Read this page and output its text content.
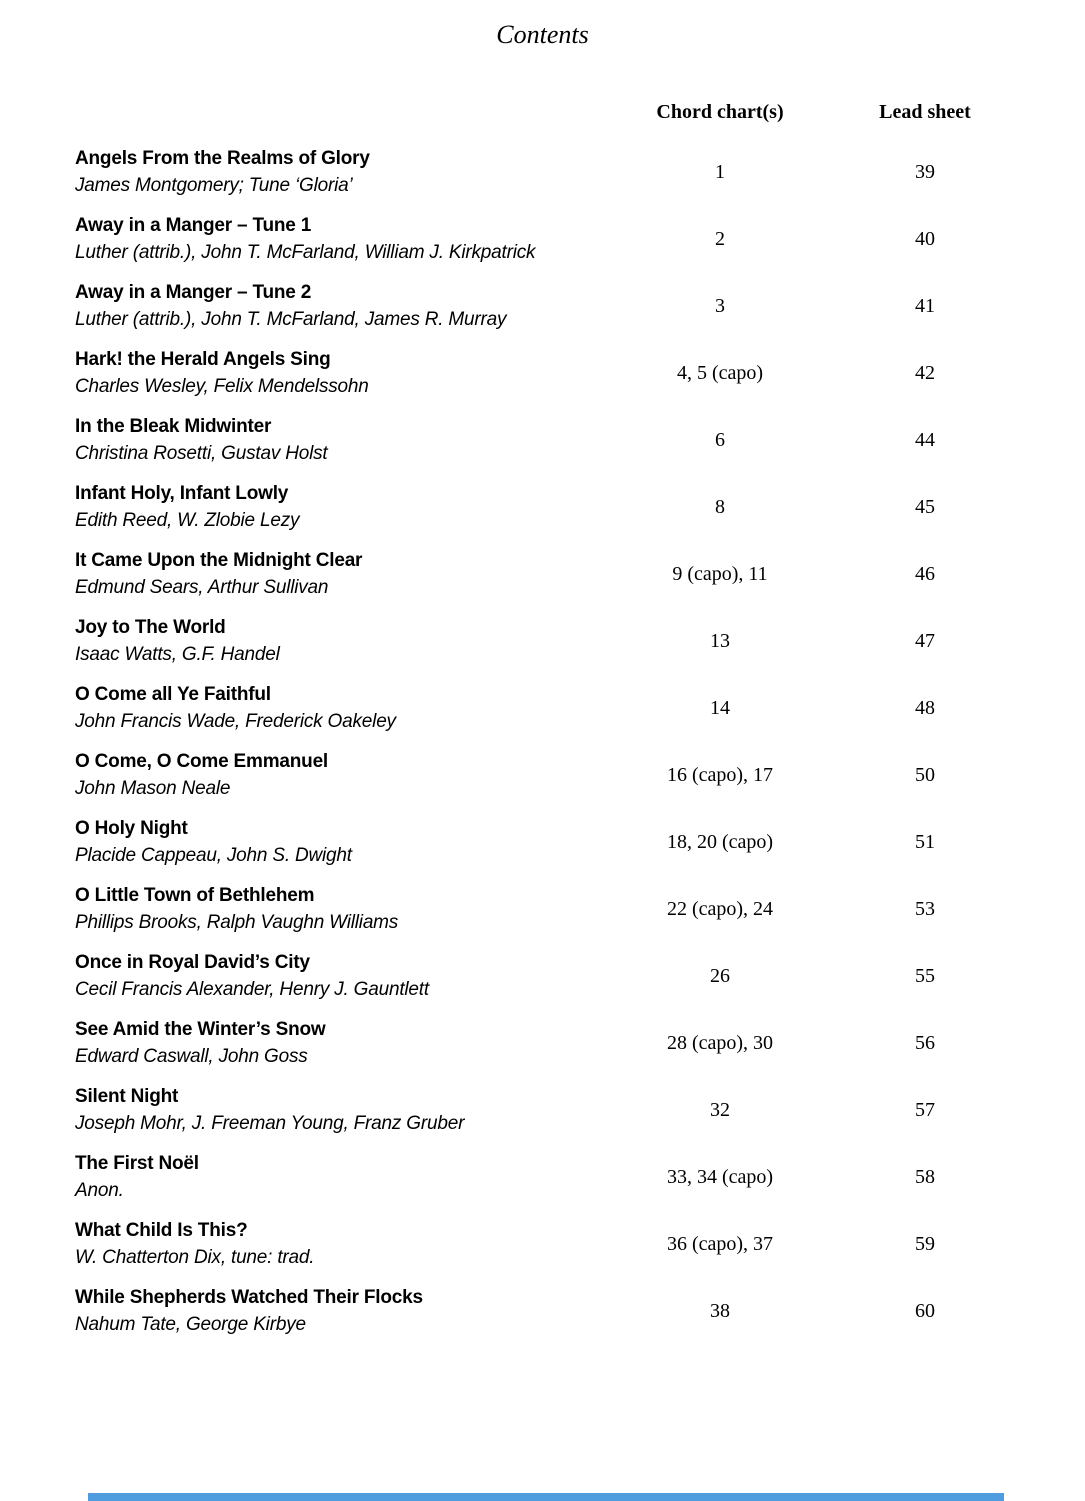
Contents
Chord chart(s)	Lead sheet
Angels From the Realms of Glory
James Montgomery; Tune ‘Gloria’
1	39
Away in a Manger – Tune 1
Luther (attrib.), John T. McFarland, William J. Kirkpatrick
2	40
Away in a Manger – Tune 2
Luther (attrib.), John T. McFarland, James R. Murray
3	41
Hark! the Herald Angels Sing
Charles Wesley, Felix Mendelssohn
4, 5 (capo)	42
In the Bleak Midwinter
Christina Rosetti, Gustav Holst
6	44
Infant Holy, Infant Lowly
Edith Reed, W. Zlobie Lezy
8	45
It Came Upon the Midnight Clear
Edmund Sears, Arthur Sullivan
9 (capo), 11	46
Joy to The World
Isaac Watts, G.F. Handel
13	47
O Come all Ye Faithful
John Francis Wade, Frederick Oakeley
14	48
O Come, O Come Emmanuel
John Mason Neale
16 (capo), 17	50
O Holy Night
Placide Cappeau, John S. Dwight
18, 20 (capo)	51
O Little Town of Bethlehem
Phillips Brooks, Ralph Vaughn Williams
22 (capo), 24	53
Once in Royal David’s City
Cecil Francis Alexander, Henry J. Gauntlett
26	55
See Amid the Winter’s Snow
Edward Caswall, John Goss
28 (capo), 30	56
Silent Night
Joseph Mohr, J. Freeman Young, Franz Gruber
32	57
The First Noël
Anon.
33, 34 (capo)	58
What Child Is This?
W. Chatterton Dix, tune: trad.
36 (capo), 37	59
While Shepherds Watched Their Flocks
Nahum Tate, George Kirbye
38	60
